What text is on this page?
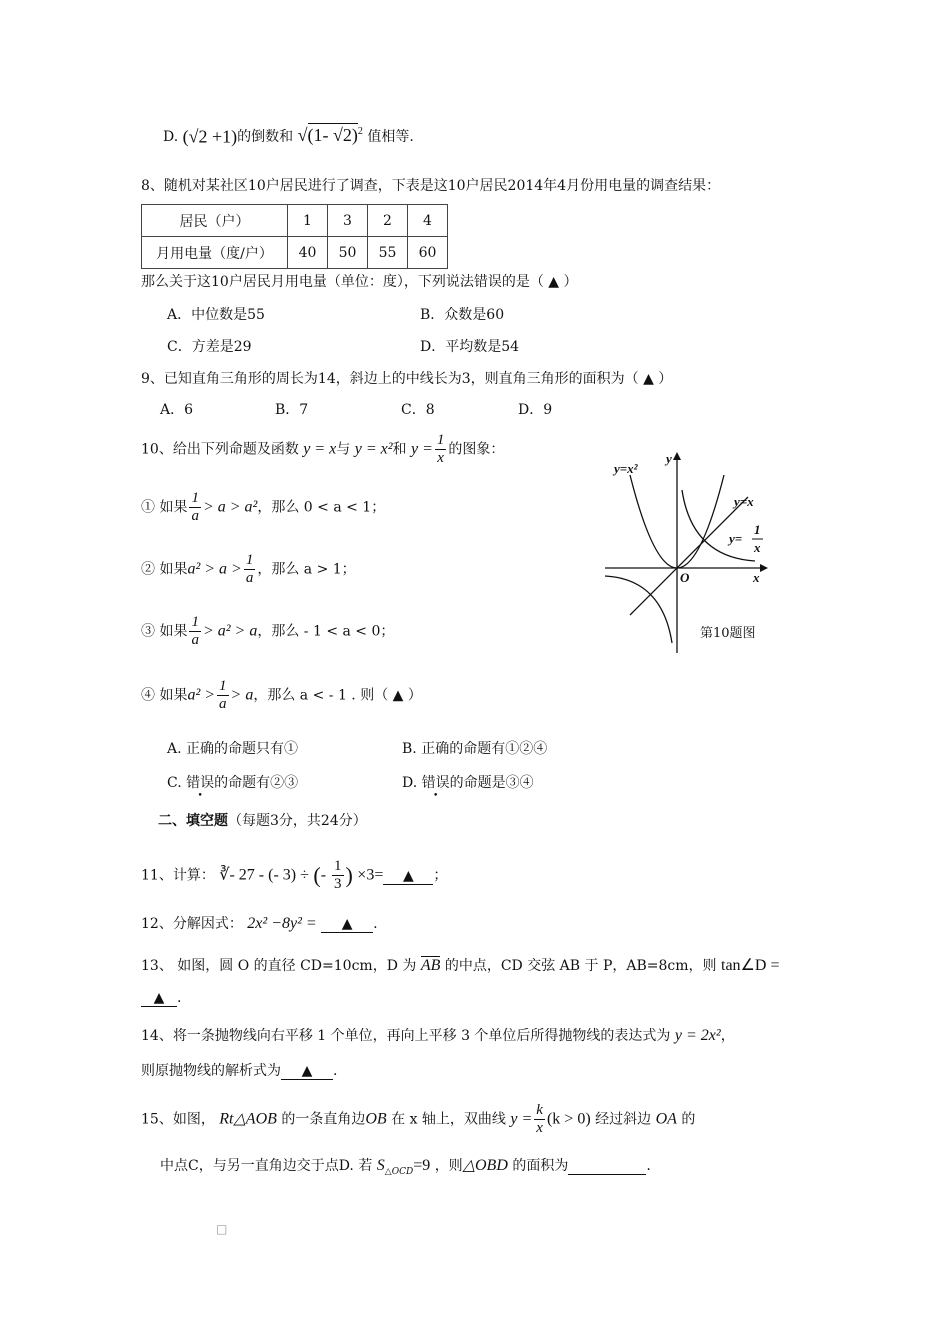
D. (√2 +1)的倒数和 √(1- √2)$^2$ 值相等.
8、随机对某社区10户居民进行了调查，下表是这10户居民2014年4月份用电量的调查结果：
居民（户）	1	3	2	4
月用电量（度/户）	40	50	55	60
那么关于这10户居民月用电量（单位：度），下列说法错误的是（ ▲ ）
A．中位数是55	B．众数是60
C．方差是29	D．平均数是54
9、已知直角三角形的周长为14，斜边上的中线长为3，则直角三角形的面积为（ ▲ ）
A．6	B．7	C．8	D．9
10、给出下列命题及函数 y = x与 y = x²和 $y = \frac{1}{x}$ 的图象：
① 如果 $\frac{1}{a} > a > a^2$，那么 0 < a < 1；
② 如果$a^2 > a > \frac{1}{a}$ ，那么 a > 1；
③ 如果 $\frac{1}{a} > a^2 > a$，那么 - 1 < a < 0；
④ 如果$a^2 > \frac{1}{a} > a$，那么 a < - 1 . 则（ ▲ ）
A. 正确的命题只有①	B. 正确的命题有①②④
C. 错误的命题有②③	D. 错误的命题是③④
y=x²
y
y=x
y=
1
x
O	x
第10题图
二、填空题（每题3分，共24分）
11、计算： ∛- 27 - (- 3) ÷ (- $\frac{1}{3}$ ) ×3= ▲ ；
12、分解因式： 2x² −8y² = ▲ .
13、 如图，圆 O 的直径 CD=10cm，D 为 AB 的中点，CD 交弦 AB 于 P，AB=8cm，则 tan∠D =
▲ .
14、将一条抛物线向右平移 1 个单位，再向上平移 3 个单位后所得抛物线的表达式为 y = 2x²，
则原抛物线的解析式为 ▲ .
15、如图， Rt△AOB 的一条直角边OB 在 x 轴上，双曲线 $y = \frac{k}{x} (k > 0)$ 经过斜边 OA 的
中点C，与另一直角边交于点D. 若 $S_{\triangle OCD}=9$ ，则△OBD 的面积为	.
□
